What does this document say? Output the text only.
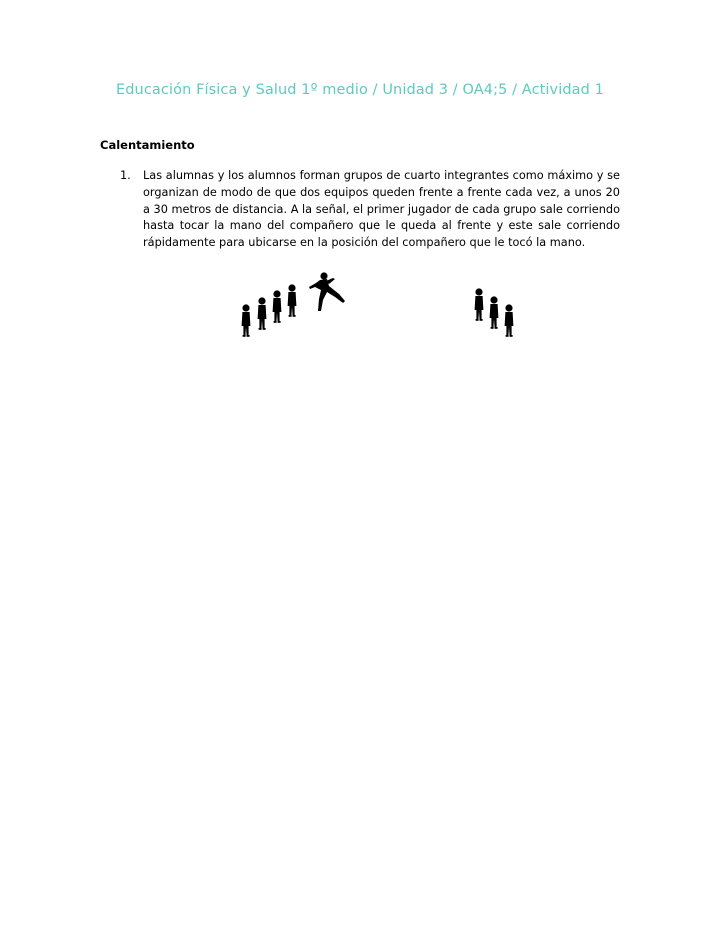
Educación Física y Salud 1º medio / Unidad 3 / OA4;5 / Actividad 1
Calentamiento
1. Las alumnas y los alumnos forman grupos de cuarto integrantes como máximo y se organizan de modo de que dos equipos queden frente a frente cada vez, a unos 20 a 30 metros de distancia. A la señal, el primer jugador de cada grupo sale corriendo hasta tocar la mano del compañero que le queda al frente y este sale corriendo rápidamente para ubicarse en la posición del compañero que le tocó la mano.
